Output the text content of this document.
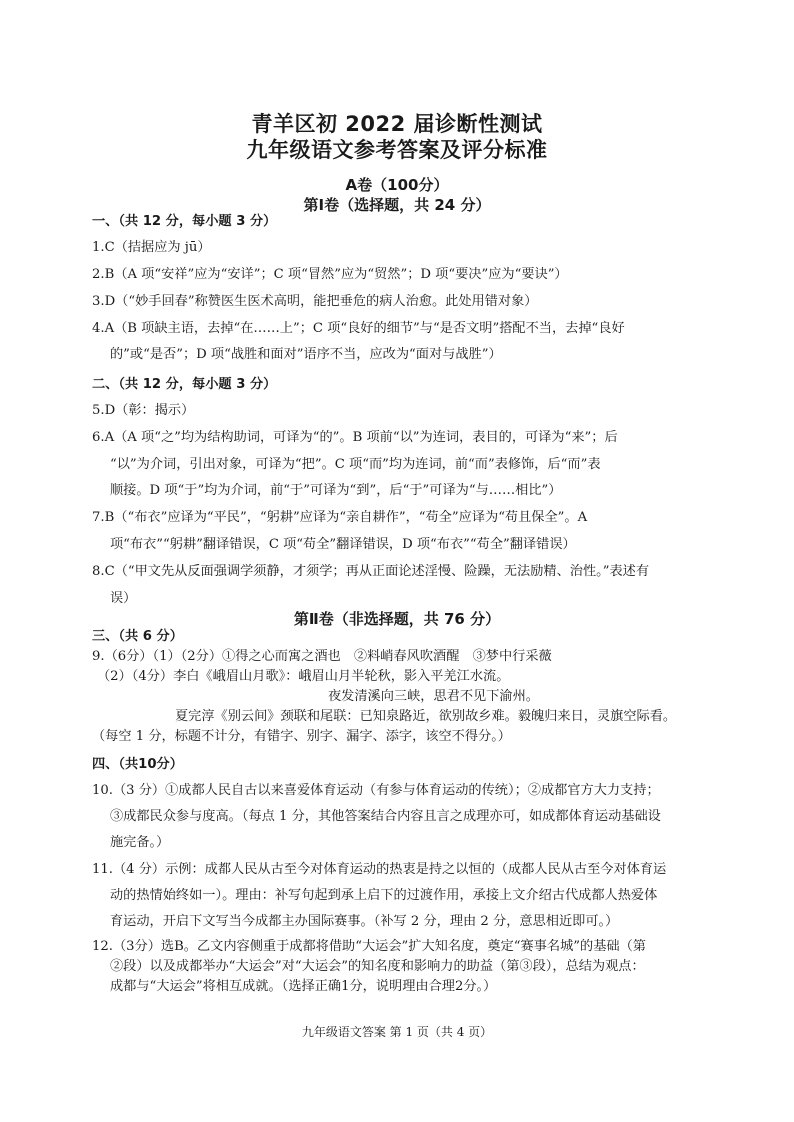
青羊区初 2022 届诊断性测试
九年级语文参考答案及评分标准
A卷（100分）
第Ⅰ卷（选择题，共 24 分）
一、（共 12 分，每小题 3 分）
1.C（拮据应为 jū）
2.B（A 项“安祥”应为“安详”；C 项“冒然”应为“贸然”；D 项“要决”应为“要诀”）
3.D（“妙手回春”称赞医生医术高明，能把垂危的病人治愈。此处用错对象）
4.A（B 项缺主语，去掉“在……上”；C 项“良好的细节”与“是否文明”搭配不当，去掉“良好
的”或“是否”；D 项“战胜和面对”语序不当，应改为“面对与战胜”）
二、（共 12 分，每小题 3 分）
5.D（彰：揭示）
6.A（A 项“之”均为结构助词，可译为“的”。B 项前“以”为连词，表目的，可译为“来”；后
“以”为介词，引出对象，可译为“把”。C 项“而”均为连词，前“而”表修饰，后“而”表
顺接。D 项“于”均为介词，前“于”可译为“到”，后“于”可译为“与……相比”）
7.B（“布衣”应译为“平民”，“躬耕”应译为“亲自耕作”，“苟全”应译为“苟且保全”。A
项“布衣”“躬耕”翻译错误，C 项“苟全”翻译错误，D 项“布衣”“苟全”翻译错误）
8.C（“甲文先从反面强调学须静，才须学；再从正面论述淫慢、险躁，无法励精、治性。”表述有
误）
第Ⅱ卷（非选择题，共 76 分）
三、（共 6 分）
9.（6分）（1）（2分）①得之心而寓之酒也　②料峭春风吹酒醒　③梦中行采薇
（2）（4分）李白《峨眉山月歌》：峨眉山月半轮秋，影入平羌江水流。
夜发清溪向三峡，思君不见下渝州。
夏完淳《别云间》颈联和尾联：已知泉路近，欲别故乡难。毅魄归来日，灵旗空际看。
（每空 1 分，标题不计分，有错字、别字、漏字、添字，该空不得分。）
四、（共10分）
10.（3 分）①成都人民自古以来喜爱体育运动（有参与体育运动的传统）；②成都官方大力支持；
③成都民众参与度高。（每点 1 分，其他答案结合内容且言之成理亦可，如成都体育运动基础设
施完备。）
11.（4 分）示例：成都人民从古至今对体育运动的热衷是持之以恒的（成都人民从古至今对体育运
动的热情始终如一）。理由：补写句起到承上启下的过渡作用，承接上文介绍古代成都人热爱体
育运动，开启下文写当今成都主办国际赛事。（补写 2 分，理由 2 分，意思相近即可。）
12.（3分）选B。乙文内容侧重于成都将借助“大运会”扩大知名度，奠定“赛事名城”的基础（第
②段）以及成都举办“大运会”对“大运会”的知名度和影响力的助益（第③段），总结为观点：
成都与“大运会”将相互成就。（选择正确1分，说明理由合理2分。）
九年级语文答案 第 1 页（共 4 页）
